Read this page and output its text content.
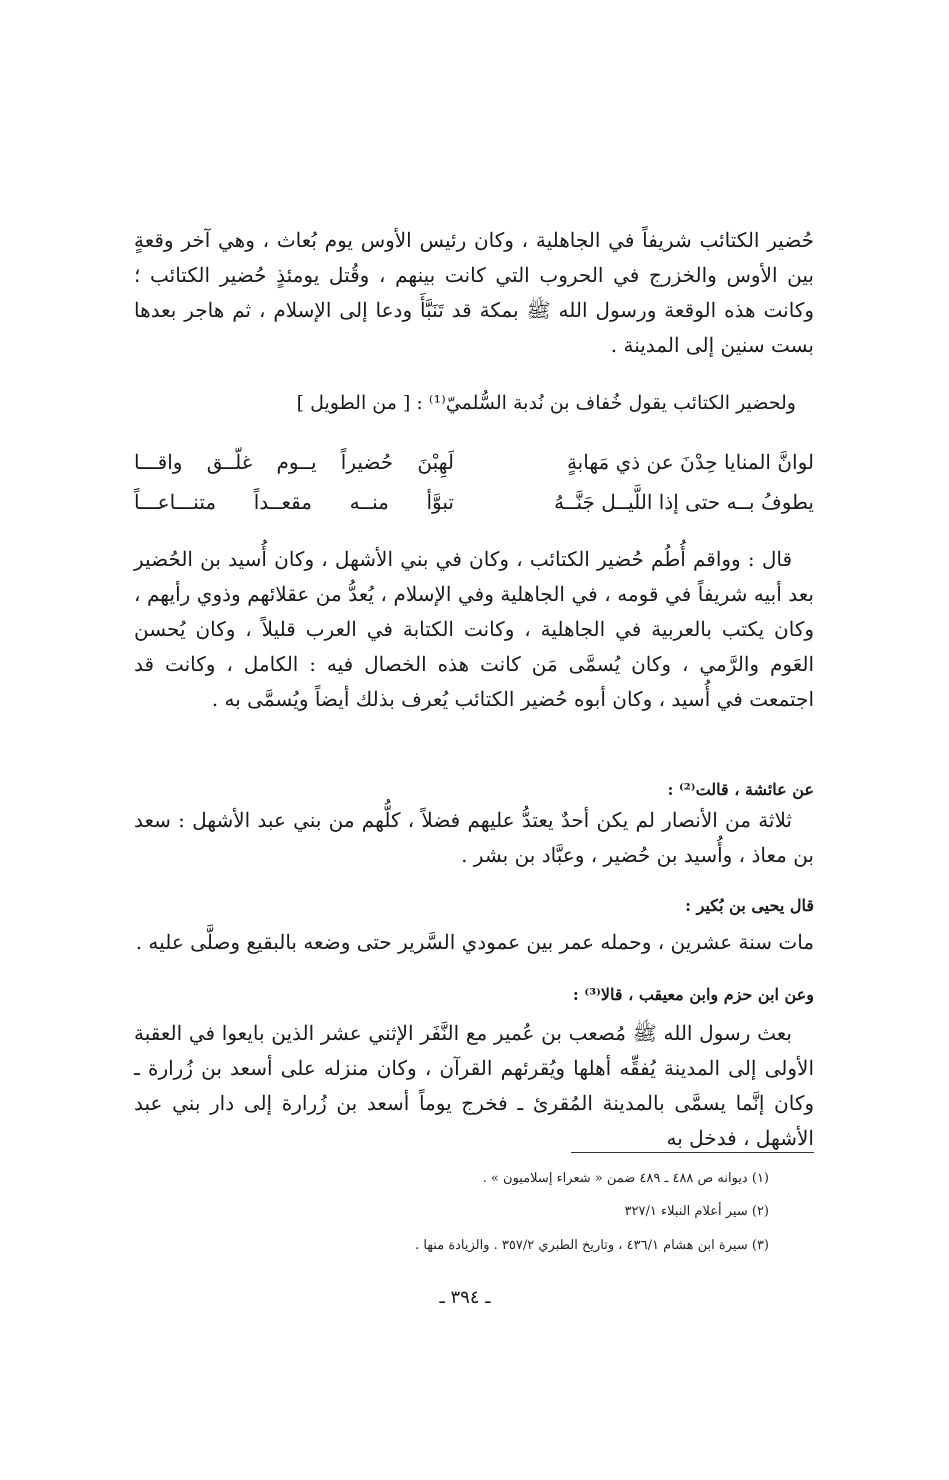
حُضير الكتائب شريفاً في الجاهلية ، وكان رئيس الأوس يوم بُعاث ، وهي آخر وقعةٍ بين الأوس والخزرج في الحروب التي كانت بينهم ، وقُتل يومئذٍ حُضير الكتائب ؛ وكانت هذه الوقعة ورسول الله ﷺ بمكة قد تَنَبَّأَ ودعا إلى الإسلام ، ثم هاجر بعدها بست سنين إلى المدينة .

ولحضير الكتائب يقول خُفاف بن نُدبة السُّلميّ⁽¹⁾ : [ من الطويل ]

لوانَّ المنايا حِدْنَ عن ذي مَهابةٍ
لَهِبْنَ حُضيراً يــوم غلّــق واقـــا
يطوفُ بــه حتى إذا اللَّيــل جَنَّــهُ
تبوَّأ منــه مقعــداً متنـــاعـــاً

قال : وواقم أُطُم حُضير الكتائب ، وكان في بني الأشهل ، وكان أُسيد بن الحُضير بعد أبيه شريفاً في قومه ، في الجاهلية وفي الإسلام ، يُعدُّ من عقلائهم وذوي رأيهم ، وكان يكتب بالعربية في الجاهلية ، وكانت الكتابة في العرب قليلاً ، وكان يُحسن العَوم والرَّمي ، وكان يُسمَّى مَن كانت هذه الخصال فيه : الكامل ، وكانت قد اجتمعت في أُسيد ، وكان أبوه حُضير الكتائب يُعرف بذلك أيضاً ويُسمَّى به .

عن عائشة ، قالت⁽²⁾ :

ثلاثة من الأنصار لم يكن أحدٌ يعتدُّ عليهم فضلاً ، كلُّهم من بني عبد الأشهل : سعد بن معاذ ، وأُسيد بن حُضير ، وعبَّاد بن بشر .

قال يحيى بن بُكير :

مات سنة عشرين ، وحمله عمر بين عمودي السَّرير حتى وضعه بالبقيع وصلَّى عليه .

وعن ابن حزم وابن معيقب ، قالا⁽³⁾ :

بعث رسول الله ﷺ مُصعب بن عُمير مع النَّفَر الإثني عشر الذين بايعوا في العقبة الأولى إلى المدينة يُفقِّه أهلها ويُقرئهم القرآن ، وكان منزله على أسعد بن زُرارة ـ وكان إنَّما يسمَّى بالمدينة المُقرئ ـ فخرج يوماً أسعد بن زُرارة إلى دار بني عبد الأشهل ، فدخل به

(١) ديوانه ص ٤٨٨ ـ ٤٨٩ ضمن « شعراء إسلاميون » .

(٢) سير أعلام النبلاء ٣٢٧/١

(٣) سيرة ابن هشام ٤٣٦/١ ، وتاريخ الطبري ٣٥٧/٢ . والزيادة منها .

ـ ٣٩٤ ـ
